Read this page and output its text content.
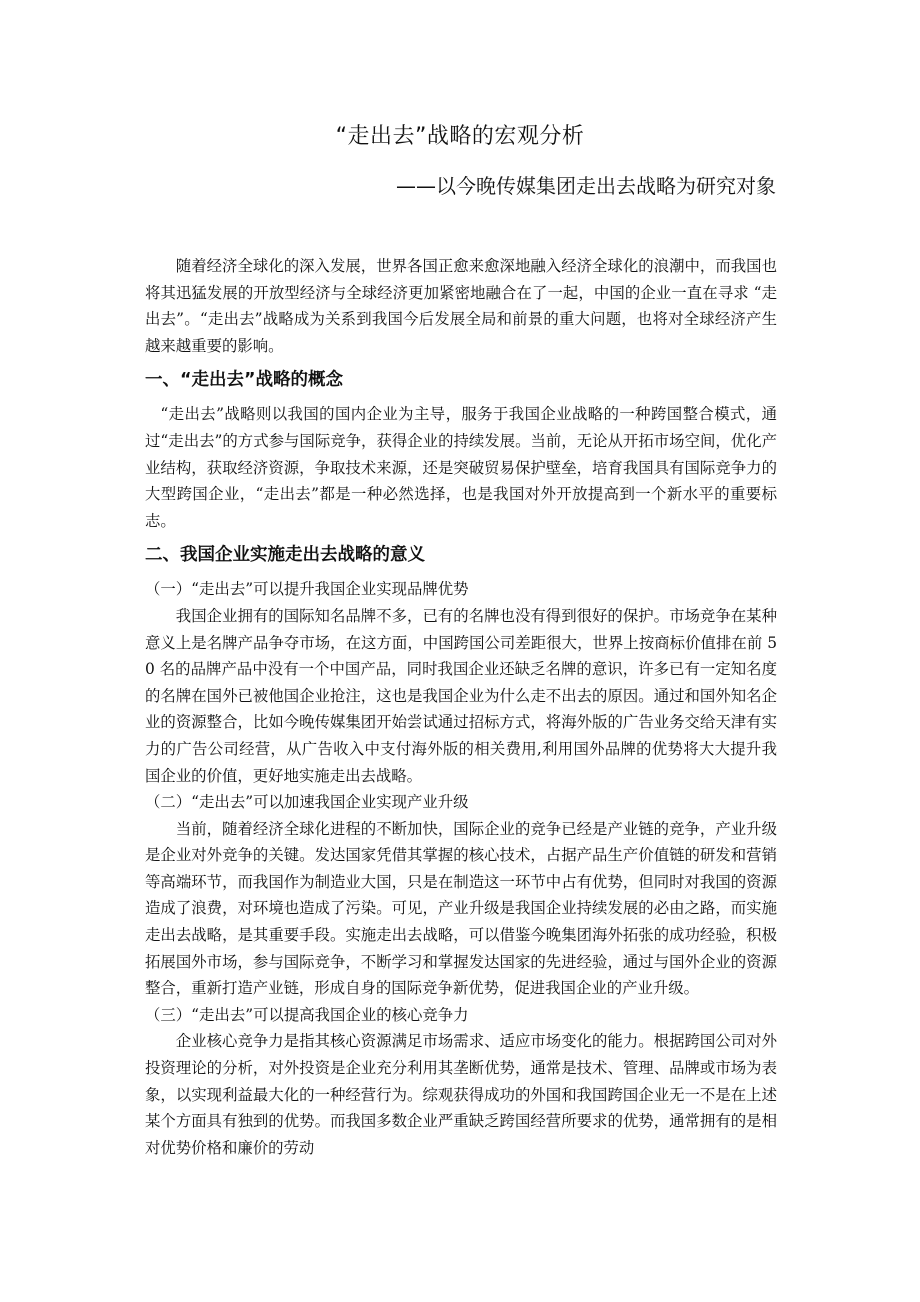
“走出去”战略的宏观分析
——以今晚传媒集团走出去战略为研究对象

随着经济全球化的深入发展，世界各国正愈来愈深地融入经济全球化的浪潮中，而我国也将其迅猛发展的开放型经济与全球经济更加紧密地融合在了一起，中国的企业一直在寻求 “走出去”。“走出去”战略成为关系到我国今后发展全局和前景的重大问题，也将对全球经济产生越来越重要的影响。

一、“走出去”战略的概念

“走出去”战略则以我国的国内企业为主导，服务于我国企业战略的一种跨国整合模式，通过“走出去”的方式参与国际竞争，获得企业的持续发展。当前，无论从开拓市场空间，优化产业结构，获取经济资源，争取技术来源，还是突破贸易保护壁垒，培育我国具有国际竞争力的大型跨国企业，“走出去”都是一种必然选择，也是我国对外开放提高到一个新水平的重要标志。

二、我国企业实施走出去战略的意义
（一）“走出去”可以提升我国企业实现品牌优势

我国企业拥有的国际知名品牌不多，已有的名牌也没有得到很好的保护。市场竞争在某种意义上是名牌产品争夺市场，在这方面，中国跨国公司差距很大，世界上按商标价值排在前 50 名的品牌产品中没有一个中国产品，同时我国企业还缺乏名牌的意识，许多已有一定知名度的名牌在国外已被他国企业抢注，这也是我国企业为什么走不出去的原因。通过和国外知名企业的资源整合，比如今晚传媒集团开始尝试通过招标方式，将海外版的广告业务交给天津有实力的广告公司经营，从广告收入中支付海外版的相关费用,利用国外品牌的优势将大大提升我国企业的价值，更好地实施走出去战略。

（二）“走出去”可以加速我国企业实现产业升级

当前，随着经济全球化进程的不断加快，国际企业的竞争已经是产业链的竞争，产业升级是企业对外竞争的关键。发达国家凭借其掌握的核心技术，占据产品生产价值链的研发和营销等高端环节，而我国作为制造业大国，只是在制造这一环节中占有优势，但同时对我国的资源造成了浪费，对环境也造成了污染。可见，产业升级是我国企业持续发展的必由之路，而实施走出去战略，是其重要手段。实施走出去战略，可以借鉴今晚集团海外拓张的成功经验，积极拓展国外市场，参与国际竞争，不断学习和掌握发达国家的先进经验，通过与国外企业的资源整合，重新打造产业链，形成自身的国际竞争新优势，促进我国企业的产业升级。

（三）“走出去”可以提高我国企业的核心竞争力

企业核心竞争力是指其核心资源满足市场需求、适应市场变化的能力。根据跨国公司对外投资理论的分析，对外投资是企业充分利用其垄断优势，通常是技术、管理、品牌或市场为表象，以实现利益最大化的一种经营行为。综观获得成功的外国和我国跨国企业无一不是在上述某个方面具有独到的优势。而我国多数企业严重缺乏跨国经营所要求的优势，通常拥有的是相对优势价格和廉价的劳动
